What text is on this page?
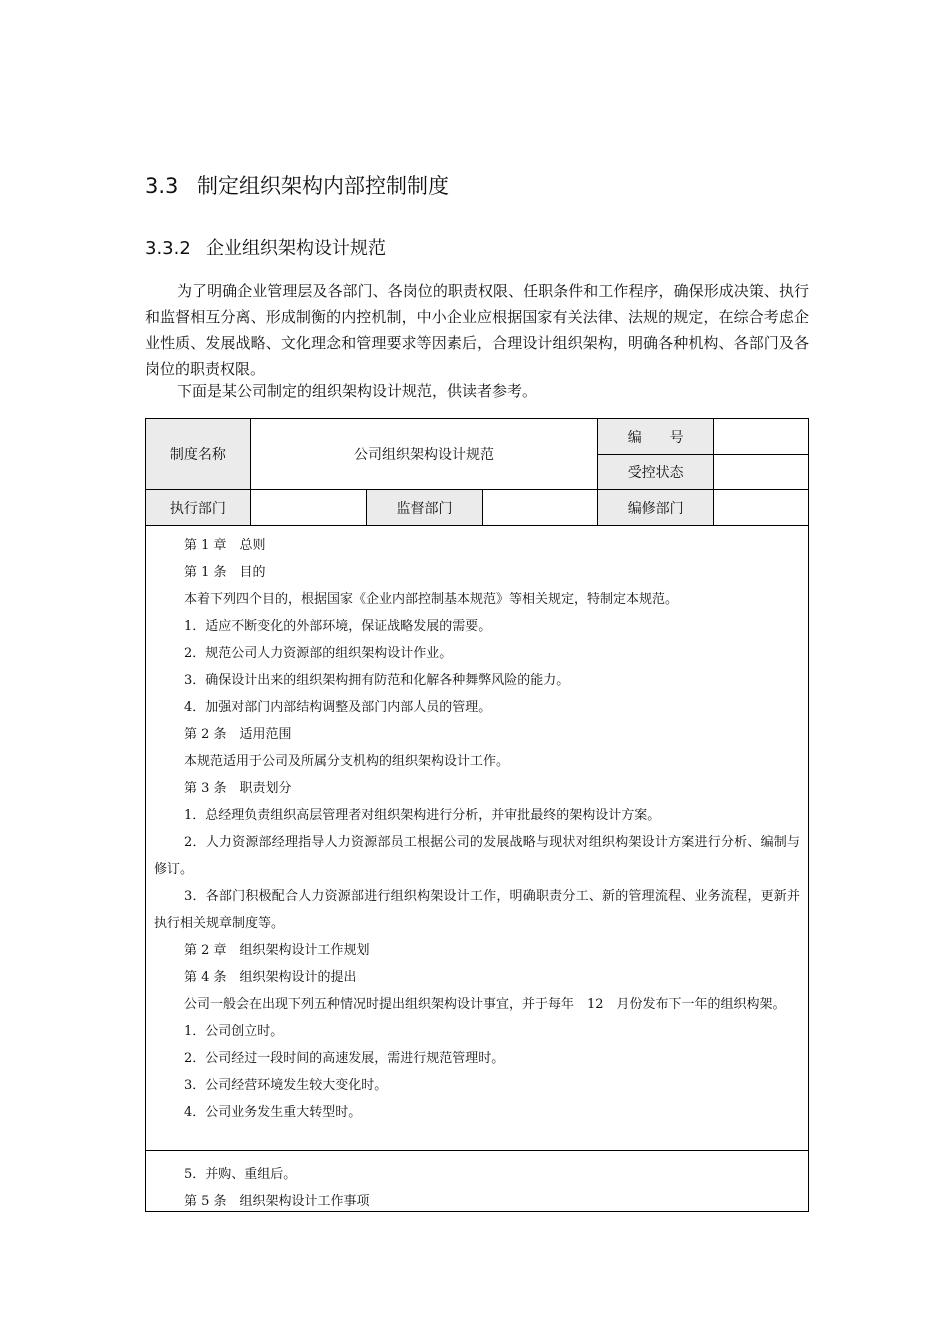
3.3 制定组织架构内部控制制度
3.3.2 企业组织架构设计规范
为了明确企业管理层及各部门、各岗位的职责权限、任职条件和工作程序，确保形成决策、执行和监督相互分离、形成制衡的内控机制，中小企业应根据国家有关法律、法规的规定，在综合考虑企业性质、发展战略、文化理念和管理要求等因素后，合理设计组织架构，明确各种机构、各部门及各岗位的职责权限。
下面是某公司制定的组织架构设计规范，供读者参考。
制度名称	公司组织架构设计规范			编　　号	
				受控状态	
执行部门		监督部门		编修部门	
第 1 章　总则
第 1 条　目的
本着下列四个目的，根据国家《企业内部控制基本规范》等相关规定，特制定本规范。
1．适应不断变化的外部环境，保证战略发展的需要。
2．规范公司人力资源部的组织架构设计作业。
3．确保设计出来的组织架构拥有防范和化解各种舞弊风险的能力。
4．加强对部门内部结构调整及部门内部人员的管理。
第 2 条　适用范围
本规范适用于公司及所属分支机构的组织架构设计工作。
第 3 条　职责划分
1．总经理负责组织高层管理者对组织架构进行分析，并审批最终的架构设计方案。
2．人力资源部经理指导人力资源部员工根据公司的发展战略与现状对组织构架设计方案进行分析、编制与修订。
3．各部门积极配合人力资源部进行组织构架设计工作，明确职责分工、新的管理流程、业务流程，更新并执行相关规章制度等。
第 2 章　组织架构设计工作规划
第 4 条　组织架构设计的提出
公司一般会在出现下列五种情况时提出组织架构设计事宜，并于每年　12　月份发布下一年的组织构架。
1．公司创立时。
2．公司经过一段时间的高速发展，需进行规范管理时。
3．公司经营环境发生较大变化时。
4．公司业务发生重大转型时。
5．并购、重组后。
第 5 条　组织架构设计工作事项
